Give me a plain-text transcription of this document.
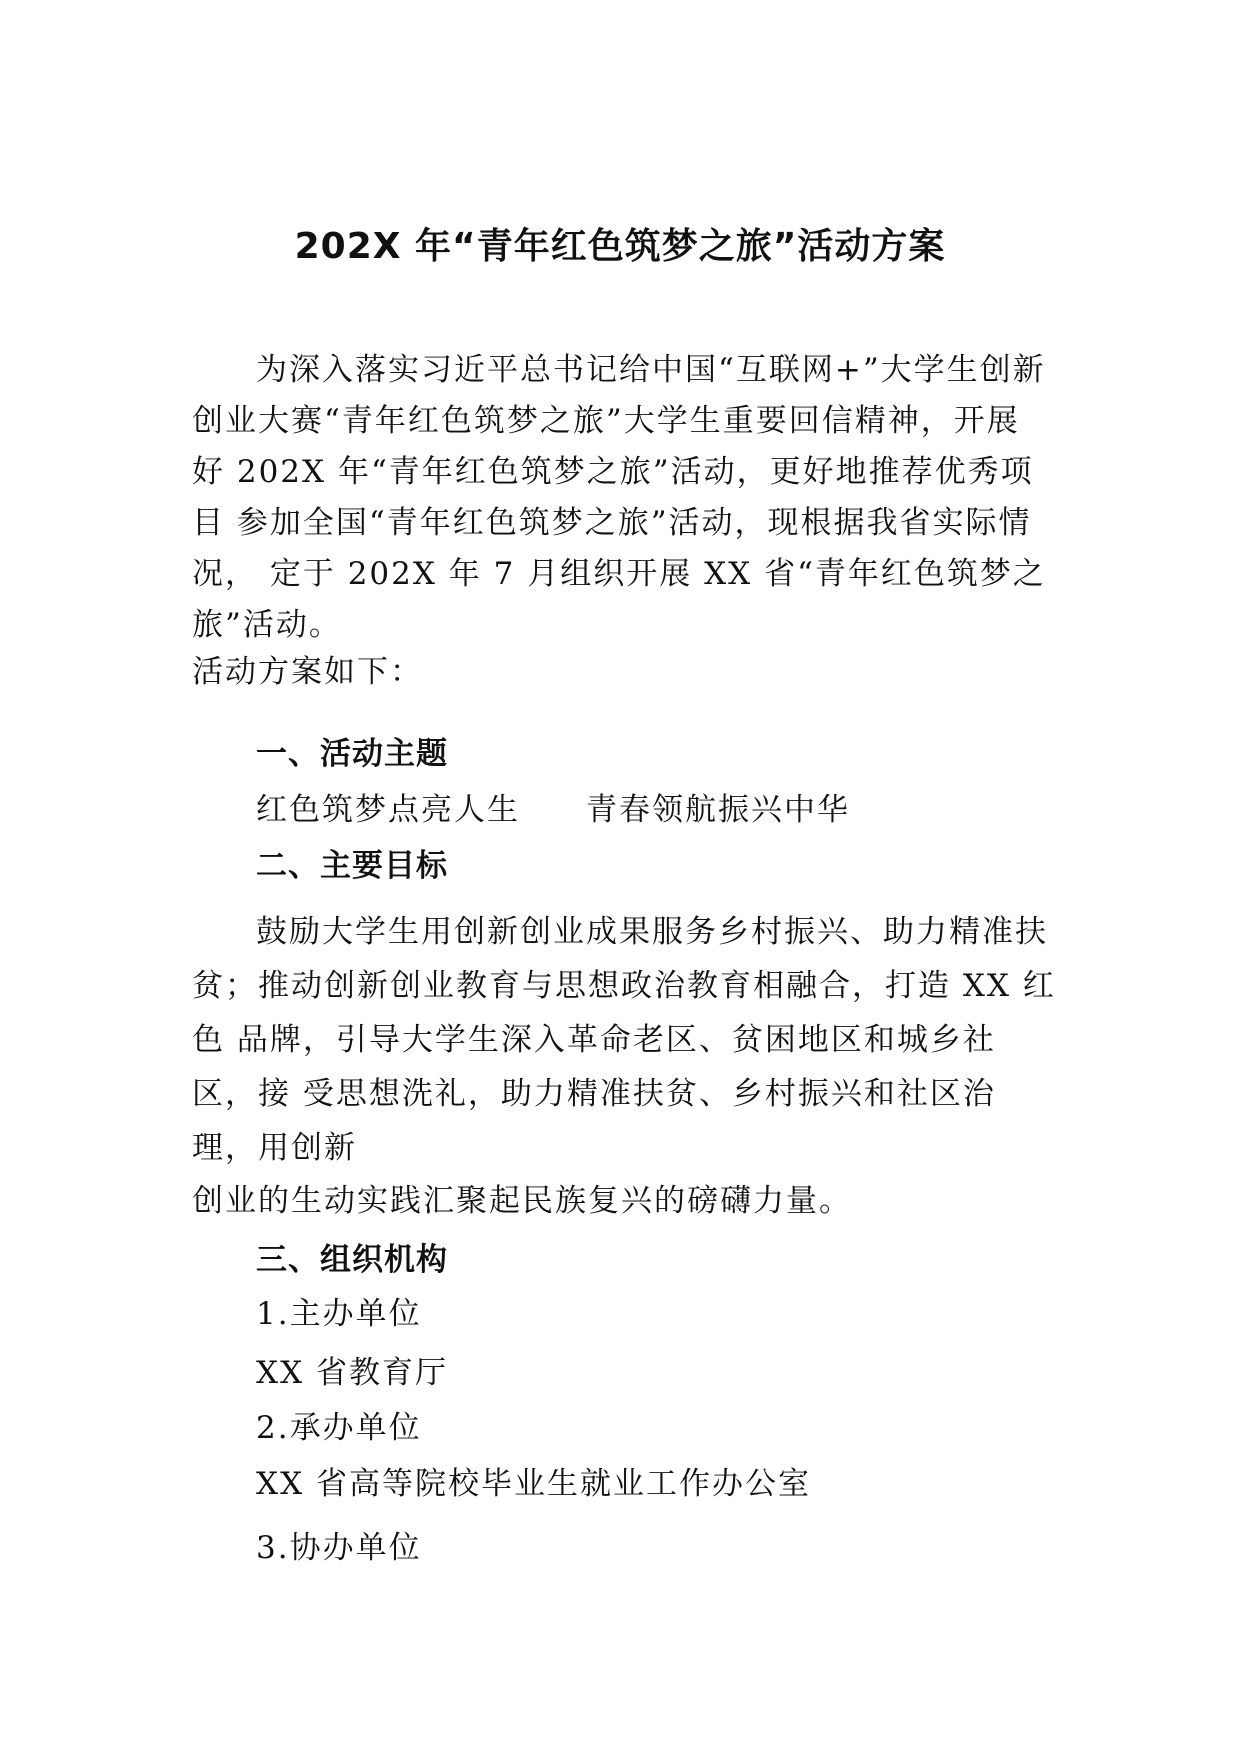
202X 年“青年红色筑梦之旅”活动方案
为深入落实习近平总书记给中国“互联网+”大学生创新
创业大赛“青年红色筑梦之旅”大学生重要回信精神，开展
好 202X 年“青年红色筑梦之旅”活动，更好地推荐优秀项
目 参加全国“青年红色筑梦之旅”活动，现根据我省实际情
况， 定于 202X 年 7 月组织开展 XX 省“青年红色筑梦之
旅”活动。
活动方案如下：
一、活动主题
红色筑梦点亮人生　　青春领航振兴中华
二、主要目标
鼓励大学生用创新创业成果服务乡村振兴、助力精准扶
贫；推动创新创业教育与思想政治教育相融合，打造 XX 红
色 品牌，引导大学生深入革命老区、贫困地区和城乡社
区，接 受思想洗礼，助力精准扶贫、乡村振兴和社区治
理，用创新
创业的生动实践汇聚起民族复兴的磅礴力量。
三、组织机构
1.主办单位
XX 省教育厅
2.承办单位
XX 省高等院校毕业生就业工作办公室
3.协办单位
